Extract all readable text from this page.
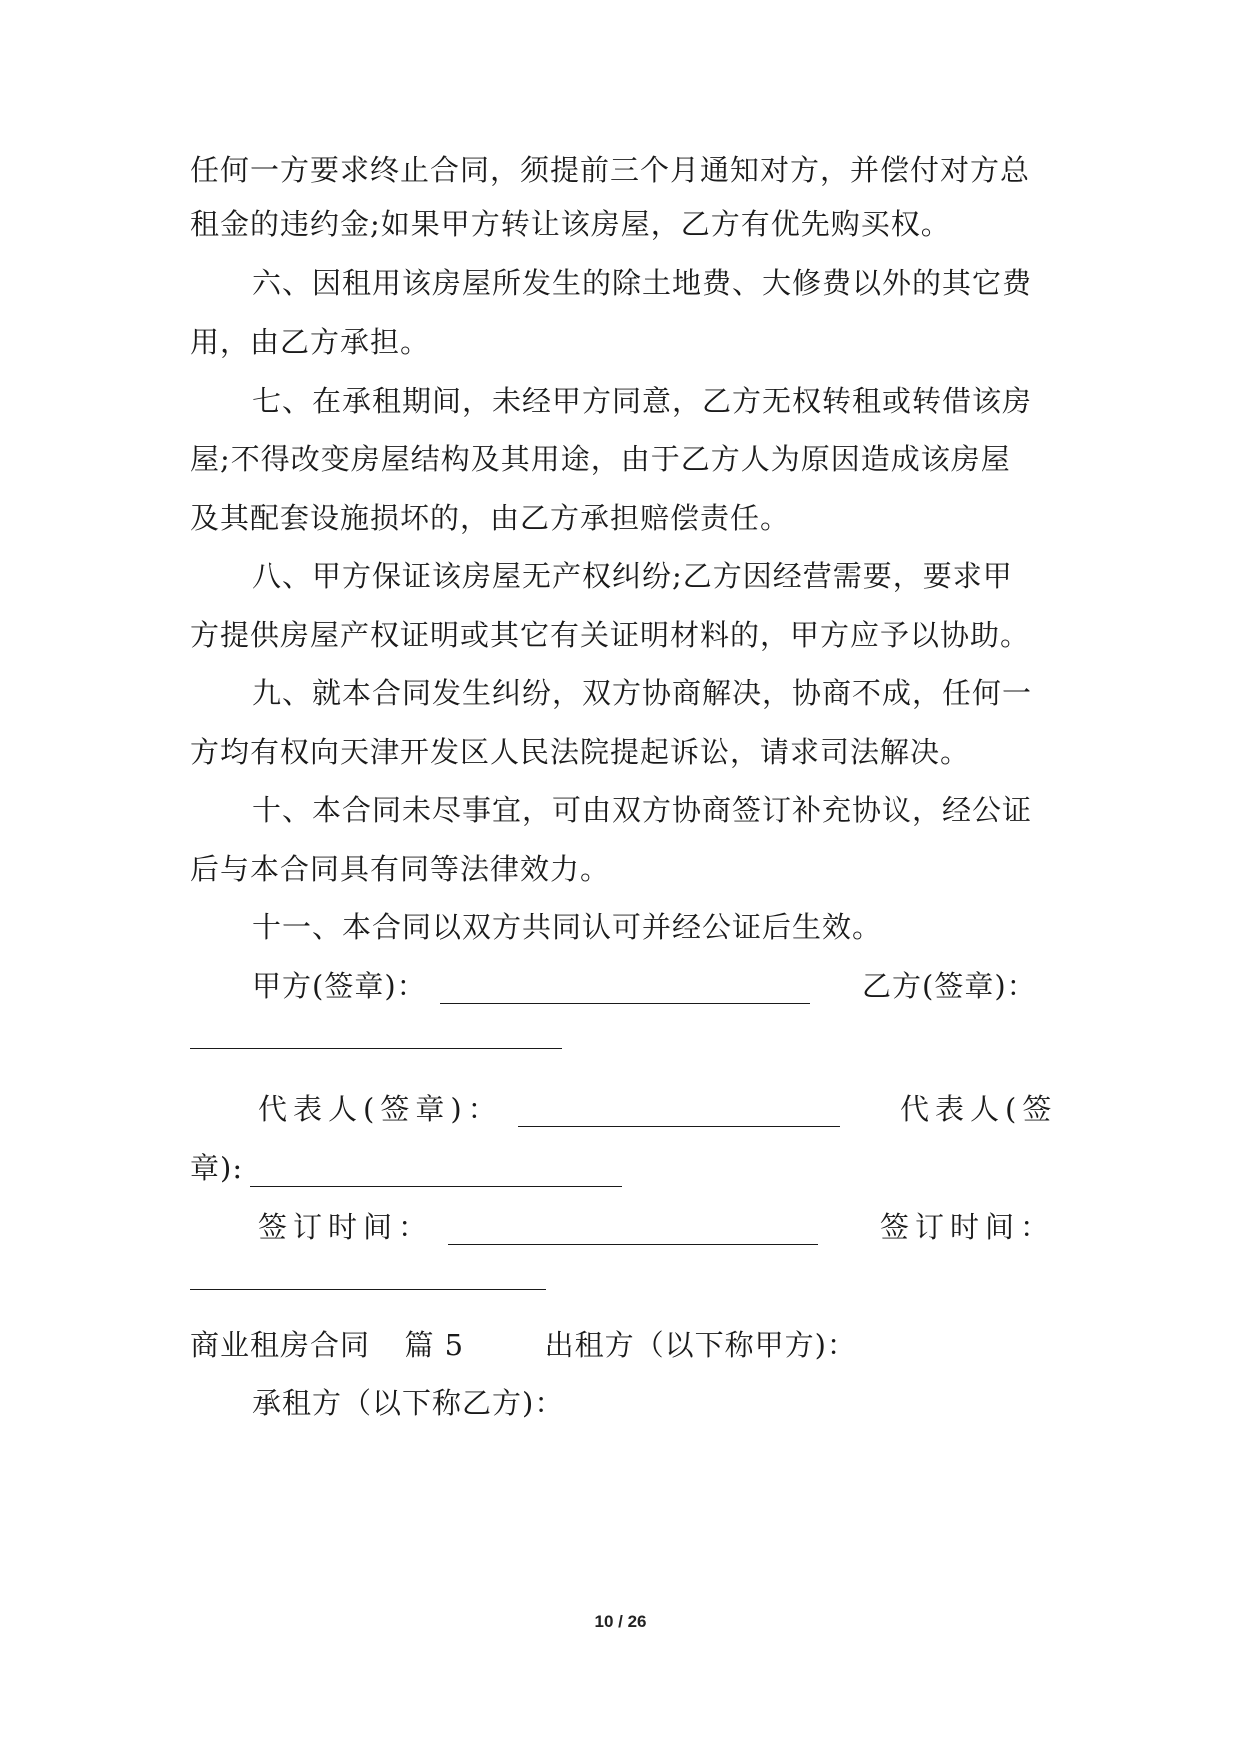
任何一方要求终止合同，须提前三个月通知对方，并偿付对方总
租金的违约金;如果甲方转让该房屋，乙方有优先购买权。
六、因租用该房屋所发生的除土地费、大修费以外的其它费
用，由乙方承担。
七、在承租期间，未经甲方同意，乙方无权转租或转借该房
屋;不得改变房屋结构及其用途，由于乙方人为原因造成该房屋
及其配套设施损坏的，由乙方承担赔偿责任。
八、甲方保证该房屋无产权纠纷;乙方因经营需要，要求甲
方提供房屋产权证明或其它有关证明材料的，甲方应予以协助。
九、就本合同发生纠纷，双方协商解决，协商不成，任何一
方均有权向天津开发区人民法院提起诉讼，请求司法解决。
十、本合同未尽事宜，可由双方协商签订补充协议，经公证
后与本合同具有同等法律效力。
十一、本合同以双方共同认可并经公证后生效。
甲方(签章)：	乙方(签章)：
代表人(签章)：	代表人(签
章):
签订时间：	签订时间：
商业租房合同 篇 5	出租方（以下称甲方)：
承租方（以下称乙方)：
10 / 26
